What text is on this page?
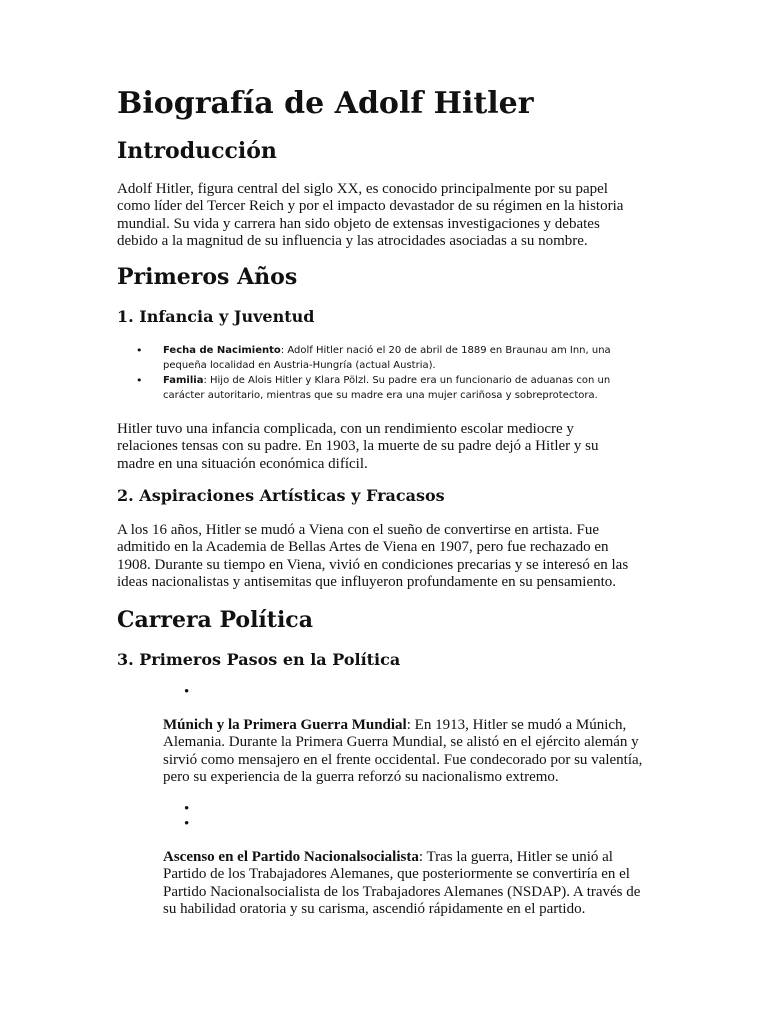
Biografía de Adolf Hitler
Introducción

Adolf Hitler, figura central del siglo XX, es conocido principalmente por su papel como líder del Tercer Reich y por el impacto devastador de su régimen en la historia mundial. Su vida y carrera han sido objeto de extensas investigaciones y debates debido a la magnitud de su influencia y las atrocidades asociadas a su nombre.

Primeros Años
1. Infancia y Juventud
• Fecha de Nacimiento: Adolf Hitler nació el 20 de abril de 1889 en Braunau am Inn, una pequeña localidad en Austria-Hungría (actual Austria).
• Familia: Hijo de Alois Hitler y Klara Pölzl. Su padre era un funcionario de aduanas con un carácter autoritario, mientras que su madre era una mujer cariñosa y sobreprotectora.

Hitler tuvo una infancia complicada, con un rendimiento escolar mediocre y relaciones tensas con su padre. En 1903, la muerte de su padre dejó a Hitler y su madre en una situación económica difícil.

2. Aspiraciones Artísticas y Fracasos

A los 16 años, Hitler se mudó a Viena con el sueño de convertirse en artista. Fue admitido en la Academia de Bellas Artes de Viena en 1907, pero fue rechazado en 1908. Durante su tiempo en Viena, vivió en condiciones precarias y se interesó en las ideas nacionalistas y antisemitas que influyeron profundamente en su pensamiento.

Carrera Política
3. Primeros Pasos en la Política
•

Múnich y la Primera Guerra Mundial: En 1913, Hitler se mudó a Múnich, Alemania. Durante la Primera Guerra Mundial, se alistó en el ejército alemán y sirvió como mensajero en el frente occidental. Fue condecorado por su valentía, pero su experiencia de la guerra reforzó su nacionalismo extremo.

•
•

Ascenso en el Partido Nacionalsocialista: Tras la guerra, Hitler se unió al Partido de los Trabajadores Alemanes, que posteriormente se convertiría en el Partido Nacionalsocialista de los Trabajadores Alemanes (NSDAP). A través de su habilidad oratoria y su carisma, ascendió rápidamente en el partido.
